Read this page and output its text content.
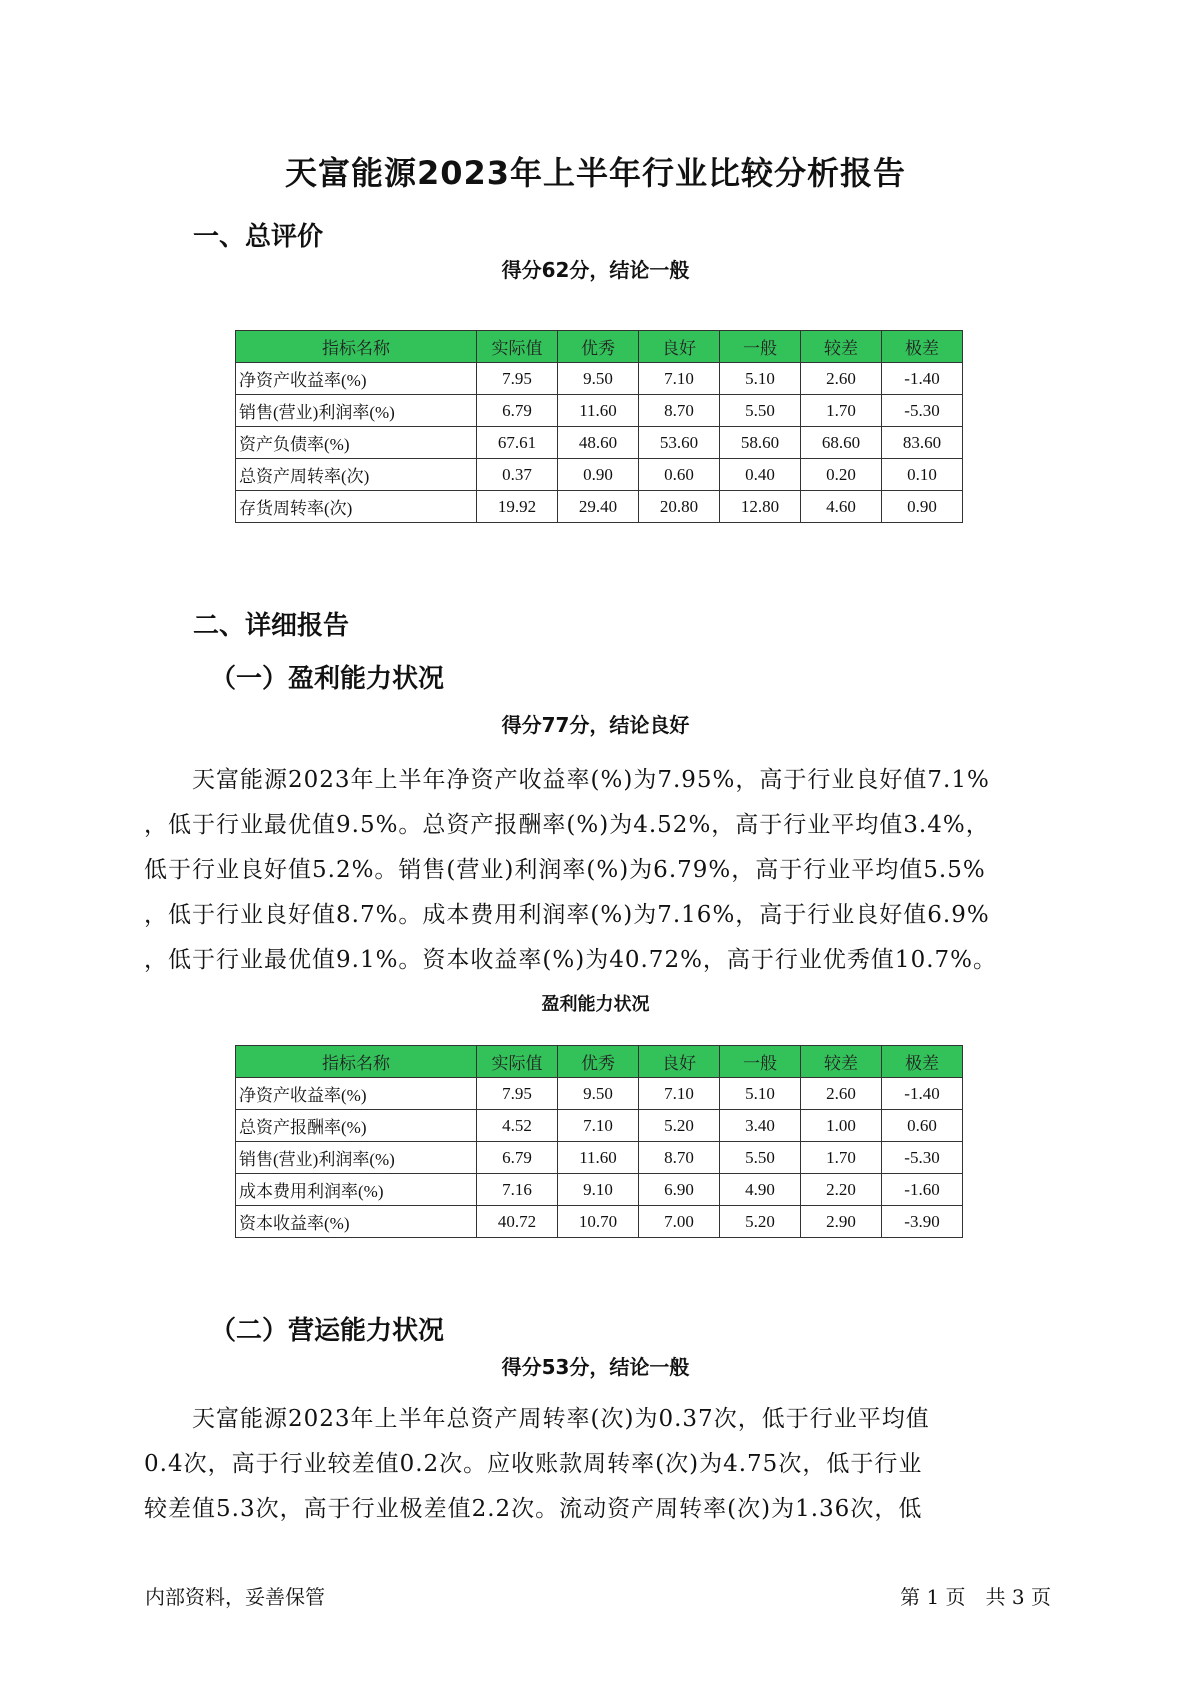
天富能源2023年上半年行业比较分析报告
一、总评价
得分62分，结论一般
指标名称	实际值	优秀	良好	一般	较差	极差
净资产收益率(%)	7.95	9.50	7.10	5.10	2.60	-1.40
销售(营业)利润率(%)	6.79	11.60	8.70	5.50	1.70	-5.30
资产负债率(%)	67.61	48.60	53.60	58.60	68.60	83.60
总资产周转率(次)	0.37	0.90	0.60	0.40	0.20	0.10
存货周转率(次)	19.92	29.40	20.80	12.80	4.60	0.90
二、详细报告
（一）盈利能力状况
得分77分，结论良好
　　天富能源2023年上半年净资产收益率(%)为7.95%，高于行业良好值7.1%
，低于行业最优值9.5%。总资产报酬率(%)为4.52%，高于行业平均值3.4%，
低于行业良好值5.2%。销售(营业)利润率(%)为6.79%，高于行业平均值5.5%
，低于行业良好值8.7%。成本费用利润率(%)为7.16%，高于行业良好值6.9%
，低于行业最优值9.1%。资本收益率(%)为40.72%，高于行业优秀值10.7%。
盈利能力状况
指标名称	实际值	优秀	良好	一般	较差	极差
净资产收益率(%)	7.95	9.50	7.10	5.10	2.60	-1.40
总资产报酬率(%)	4.52	7.10	5.20	3.40	1.00	0.60
销售(营业)利润率(%)	6.79	11.60	8.70	5.50	1.70	-5.30
成本费用利润率(%)	7.16	9.10	6.90	4.90	2.20	-1.60
资本收益率(%)	40.72	10.70	7.00	5.20	2.90	-3.90
（二）营运能力状况
得分53分，结论一般
　　天富能源2023年上半年总资产周转率(次)为0.37次，低于行业平均值
0.4次，高于行业较差值0.2次。应收账款周转率(次)为4.75次，低于行业
较差值5.3次，高于行业极差值2.2次。流动资产周转率(次)为1.36次，低
内部资料，妥善保管	第 1 页　共 3 页
